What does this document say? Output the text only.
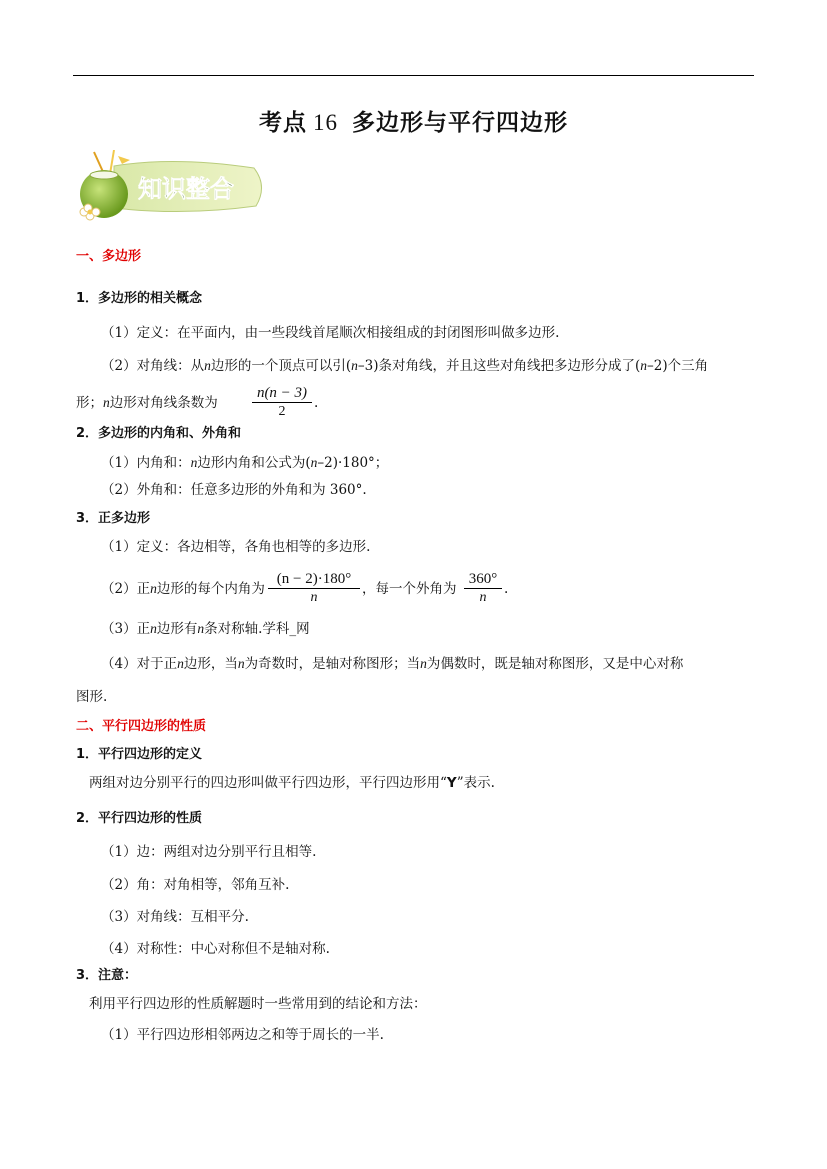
考点 16 多边形与平行四边形
知识整合
一、多边形
1．多边形的相关概念
（1）定义：在平面内，由一些段线首尾顺次相接组成的封闭图形叫做多边形.
（2）对角线：从n边形的一个顶点可以引(n–3)条对角线，并且这些对角线把多边形分成了(n–2)个三角
形；n边形对角线条数为 $\frac{n(n - 3)}{2}$ .
2．多边形的内角和、外角和
（1）内角和：n边形内角和公式为(n–2)·180°；
（2）外角和：任意多边形的外角和为 360°.
3．正多边形
（1）定义：各边相等，各角也相等的多边形.
（2）正n边形的每个内角为 $\frac{(n - 2)\cdot 180^\circ}{n}$ ，每一个外角为 $\frac{360^\circ}{n}$ .
（3）正n边形有n条对称轴.学科_网
（4）对于正n边形，当n为奇数时，是轴对称图形；当n为偶数时，既是轴对称图形，又是中心对称
图形.
二、平行四边形的性质
1．平行四边形的定义
两组对边分别平行的四边形叫做平行四边形，平行四边形用“Y”表示.
2．平行四边形的性质
（1）边：两组对边分别平行且相等.
（2）角：对角相等，邻角互补.
（3）对角线：互相平分.
（4）对称性：中心对称但不是轴对称.
3．注意：
利用平行四边形的性质解题时一些常用到的结论和方法：
（1）平行四边形相邻两边之和等于周长的一半.
